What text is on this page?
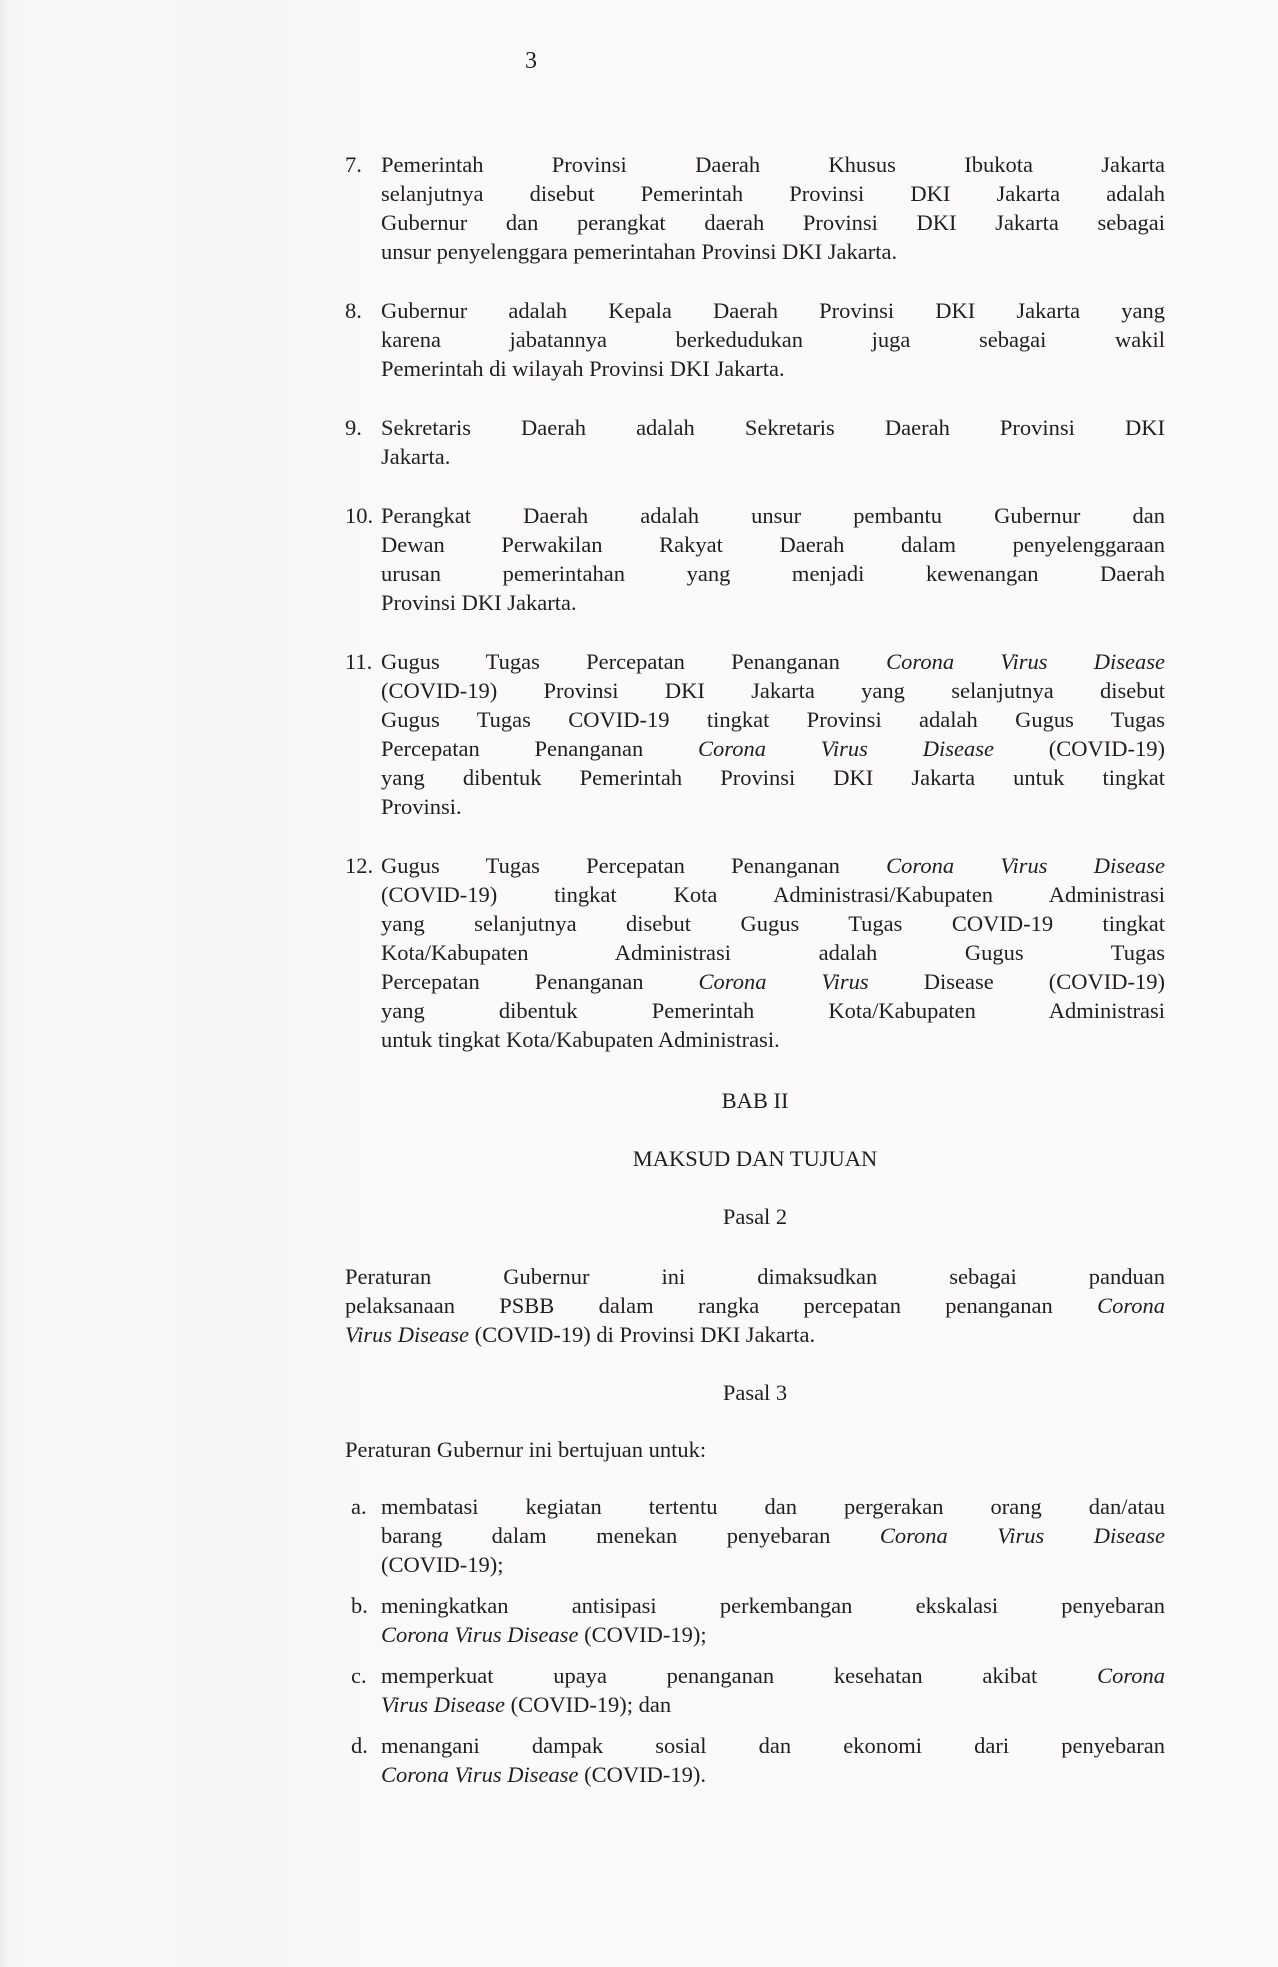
3
7. Pemerintah Provinsi Daerah Khusus Ibukota Jakarta
selanjutnya disebut Pemerintah Provinsi DKI Jakarta adalah
Gubernur dan perangkat daerah Provinsi DKI Jakarta sebagai
unsur penyelenggara pemerintahan Provinsi DKI Jakarta.
8. Gubernur adalah Kepala Daerah Provinsi DKI Jakarta yang
karena jabatannya berkedudukan juga sebagai wakil
Pemerintah di wilayah Provinsi DKI Jakarta.
9. Sekretaris Daerah adalah Sekretaris Daerah Provinsi DKI
Jakarta.
10. Perangkat Daerah adalah unsur pembantu Gubernur dan
Dewan Perwakilan Rakyat Daerah dalam penyelenggaraan
urusan pemerintahan yang menjadi kewenangan Daerah
Provinsi DKI Jakarta.
11. Gugus Tugas Percepatan Penanganan Corona Virus Disease
(COVID-19) Provinsi DKI Jakarta yang selanjutnya disebut
Gugus Tugas COVID-19 tingkat Provinsi adalah Gugus Tugas
Percepatan Penanganan Corona Virus Disease (COVID-19)
yang dibentuk Pemerintah Provinsi DKI Jakarta untuk tingkat
Provinsi.
12. Gugus Tugas Percepatan Penanganan Corona Virus Disease
(COVID-19) tingkat Kota Administrasi/Kabupaten Administrasi
yang selanjutnya disebut Gugus Tugas COVID-19 tingkat
Kota/Kabupaten Administrasi adalah Gugus Tugas
Percepatan Penanganan Corona Virus Disease (COVID-19)
yang dibentuk Pemerintah Kota/Kabupaten Administrasi
untuk tingkat Kota/Kabupaten Administrasi.
BAB II
MAKSUD DAN TUJUAN
Pasal 2
Peraturan Gubernur ini dimaksudkan sebagai panduan
pelaksanaan PSBB dalam rangka percepatan penanganan Corona
Virus Disease (COVID-19) di Provinsi DKI Jakarta.
Pasal 3
Peraturan Gubernur ini bertujuan untuk:
a. membatasi kegiatan tertentu dan pergerakan orang dan/atau
barang dalam menekan penyebaran Corona Virus Disease
(COVID-19);
b. meningkatkan antisipasi perkembangan ekskalasi penyebaran
Corona Virus Disease (COVID-19);
c. memperkuat upaya penanganan kesehatan akibat Corona
Virus Disease (COVID-19); dan
d. menangani dampak sosial dan ekonomi dari penyebaran
Corona Virus Disease (COVID-19).
